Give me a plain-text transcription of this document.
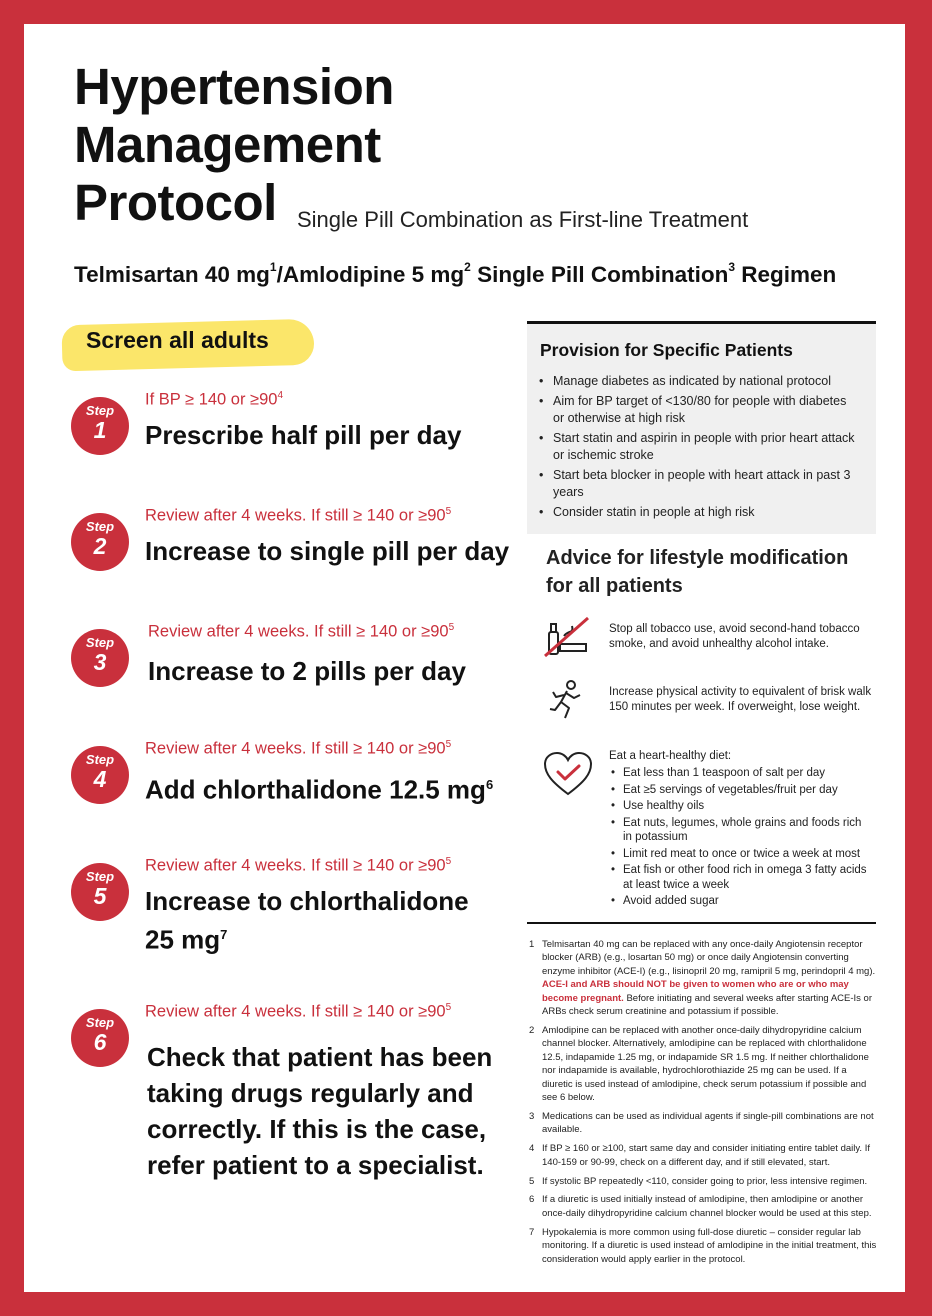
Hypertension
Management
Protocol Single Pill Combination as First-line Treatment
Telmisartan 40 $mg^1$/Amlodipine 5 $mg^2$ Single Pill Combination$^3$ Regimen
Screen all adults
Step
1
If BP ≥ 140 or $\ge 90^4$
Prescribe half pill per day
Step
2
Review after 4 weeks. If still ≥ 140 or $\ge 90^5$
Increase to single pill per day
Step
3
Review after 4 weeks. If still ≥ 140 or $\ge 90^5$
Increase to 2 pills per day
Step
4
Review after 4 weeks. If still ≥ 140 or $\ge 90^5$
Add chlorthalidone 12.5 $mg^6$
Step
5
Review after 4 weeks. If still ≥ 140 or $\ge 90^5$
Increase to chlorthalidone
25 $mg^7$
Step
6
Review after 4 weeks. If still ≥ 140 or $\ge 90^5$
Check that patient has been
taking drugs regularly and
correctly. If this is the case,
refer patient to a specialist.
Provision for Specific Patients
• Manage diabetes as indicated by national protocol
• Aim for BP target of <130/80 for people with diabetes or otherwise at high risk
• Start statin and aspirin in people with prior heart attack or ischemic stroke
• Start beta blocker in people with heart attack in past 3 years
• Consider statin in people at high risk
Advice for lifestyle modification
for all patients
Stop all tobacco use, avoid second-hand tobacco smoke, and avoid unhealthy alcohol intake.
Increase physical activity to equivalent of brisk walk 150 minutes per week. If overweight, lose weight.
Eat a heart-healthy diet:
• Eat less than 1 teaspoon of salt per day
• Eat ≥5 servings of vegetables/fruit per day
• Use healthy oils
• Eat nuts, legumes, whole grains and foods rich in potassium
• Limit red meat to once or twice a week at most
• Eat fish or other food rich in omega 3 fatty acids at least twice a week
• Avoid added sugar
1 Telmisartan 40 mg can be replaced with any once-daily Angiotensin receptor blocker (ARB) (e.g., losartan 50 mg) or once daily Angiotensin converting enzyme inhibitor (ACE-I) (e.g., lisinopril 20 mg, ramipril 5 mg, perindopril 4 mg). ACE-I and ARB should NOT be given to women who are or who may become pregnant. Before initiating and several weeks after starting ACE-Is or ARBs check serum creatinine and potassium if possible.
2 Amlodipine can be replaced with another once-daily dihydropyridine calcium channel blocker. Alternatively, amlodipine can be replaced with chlorthalidone 12.5, indapamide 1.25 mg, or indapamide SR 1.5 mg. If neither chlorthalidone nor indapamide is available, hydrochlorothiazide 25 mg can be used. If a diuretic is used instead of amlodipine, check serum potassium if possible and see 6 below.
3 Medications can be used as individual agents if single-pill combinations are not available.
4 If BP ≥ 160 or ≥100, start same day and consider initiating entire tablet daily. If 140-159 or 90-99, check on a different day, and if still elevated, start.
5 If systolic BP repeatedly <110, consider going to prior, less intensive regimen.
6 If a diuretic is used initially instead of amlodipine, then amlodipine or another once-daily dihydropyridine calcium channel blocker would be used at this step.
7 Hypokalemia is more common using full-dose diuretic – consider regular lab monitoring. If a diuretic is used instead of amlodipine in the initial treatment, this consideration would apply earlier in the protocol.
